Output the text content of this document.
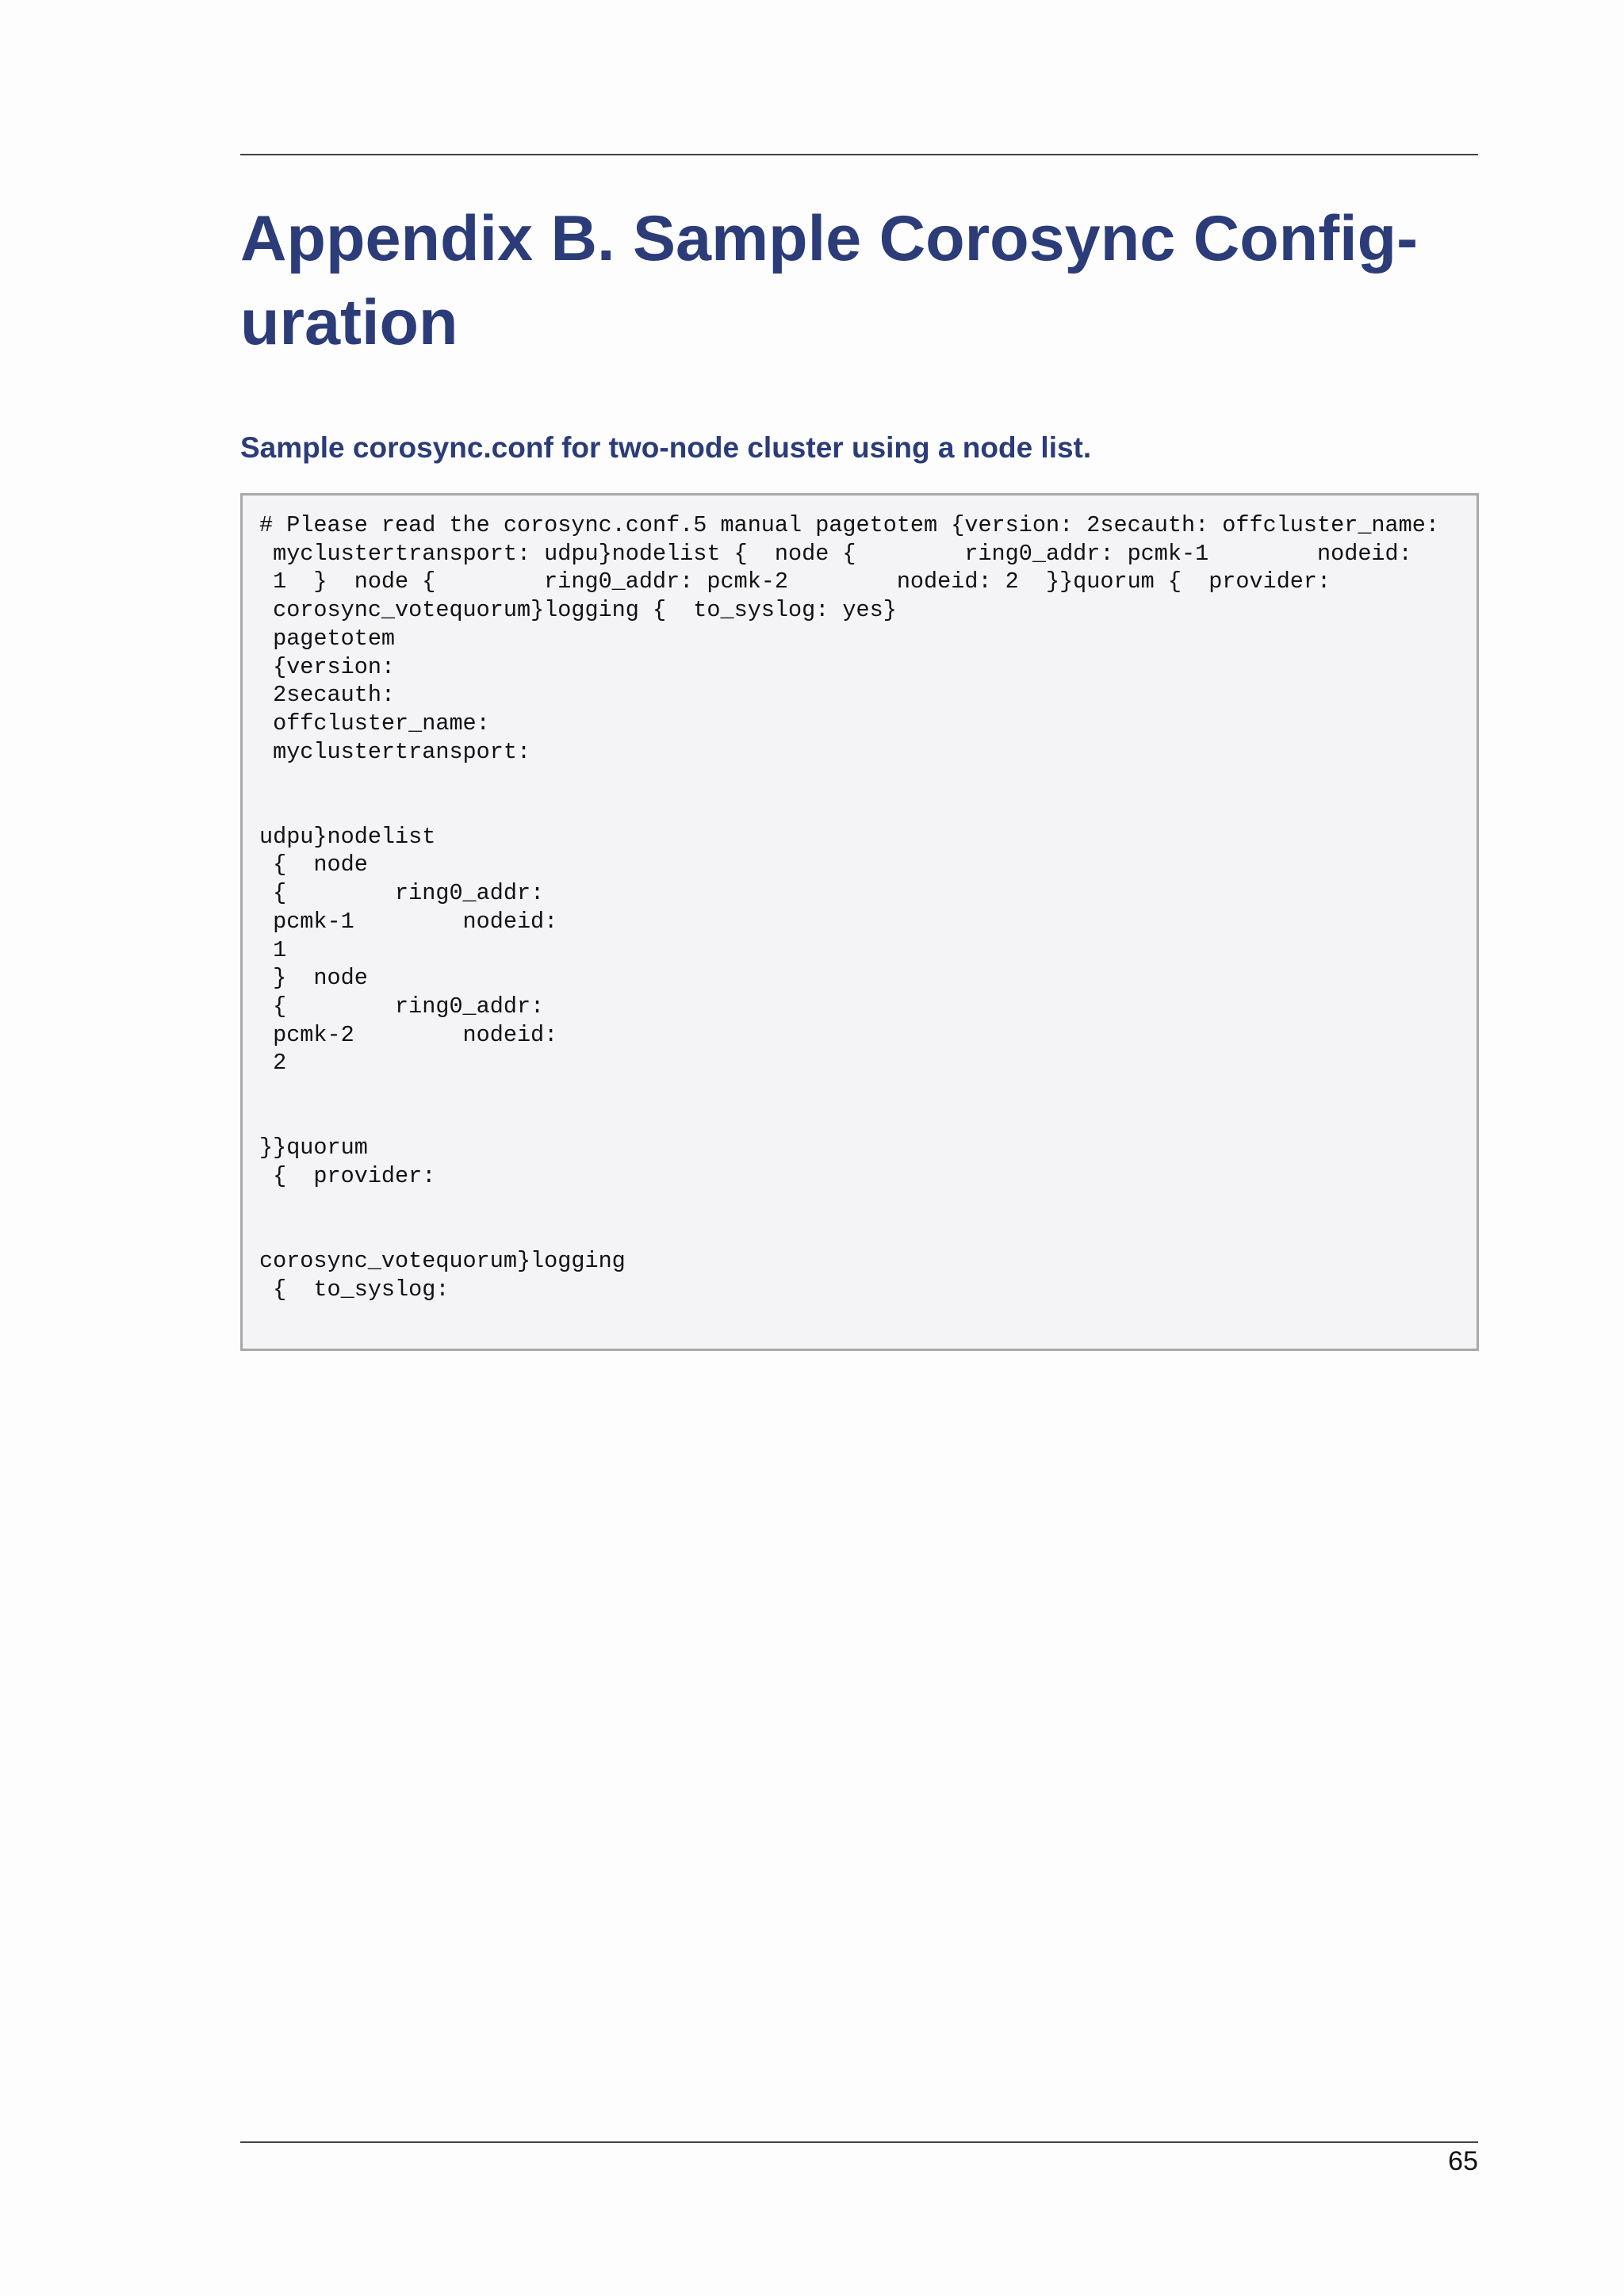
Appendix B. Sample Corosync Config-
uration
Sample corosync.conf for two-node cluster using a node list.
# Please read the corosync.conf.5 manual pagetotem {version: 2secauth: offcluster_name:
myclustertransport: udpu}nodelist {  node {        ring0_addr: pcmk-1        nodeid:
1  }  node {        ring0_addr: pcmk-2        nodeid: 2  }}quorum {  provider:
corosync_votequorum}logging {  to_syslog: yes}
pagetotem
{version:
2secauth:
offcluster_name:
myclustertransport:

udpu}nodelist
{  node
{        ring0_addr:
pcmk-1        nodeid:
1
}  node
{        ring0_addr:
pcmk-2        nodeid:
2

}}quorum
{  provider:

corosync_votequorum}logging
{  to_syslog:
65
